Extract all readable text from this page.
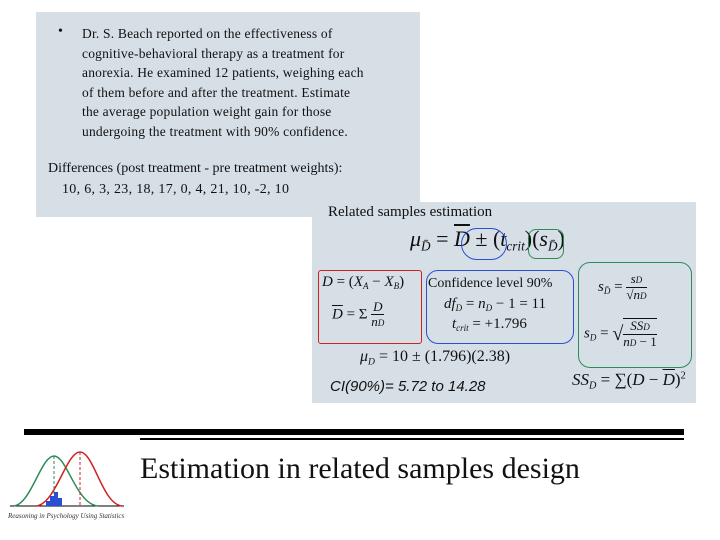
• Dr. S. Beach reported on the effectiveness of
cognitive-behavioral therapy as a treatment for
anorexia. He examined 12 patients, weighing each
of them before and after the treatment. Estimate
the average population weight gain for those
undergoing the treatment with 90% confidence.
Differences (post treatment - pre treatment weights):
10, 6, 3, 23, 18, 17, 0, 4, 21, 10, -2, 10
Related samples estimation
$\mu_{D̄} = \overline{D} \pm (t_{crit})(s_{D̄})$
$D = (X_A - X_B)$
$\overline{D} = \Sigma \frac{D}{nD}$
Confidence level 90%
$df_D = n_D - 1 = 11$
$t_{crit} = +1.796$
$s_{D̄} = \frac{sD}{√nD}$
$s_D$ = √ SSD
nD − 1
$\mu_D = 10 \pm (1.796)(2.38)$
$SS_D = \sum(D - \overline{D})^2$
CI(90%)= 5.72 to 14.28
Reasoning in Psychology Using Statistics
Estimation in related samples design
